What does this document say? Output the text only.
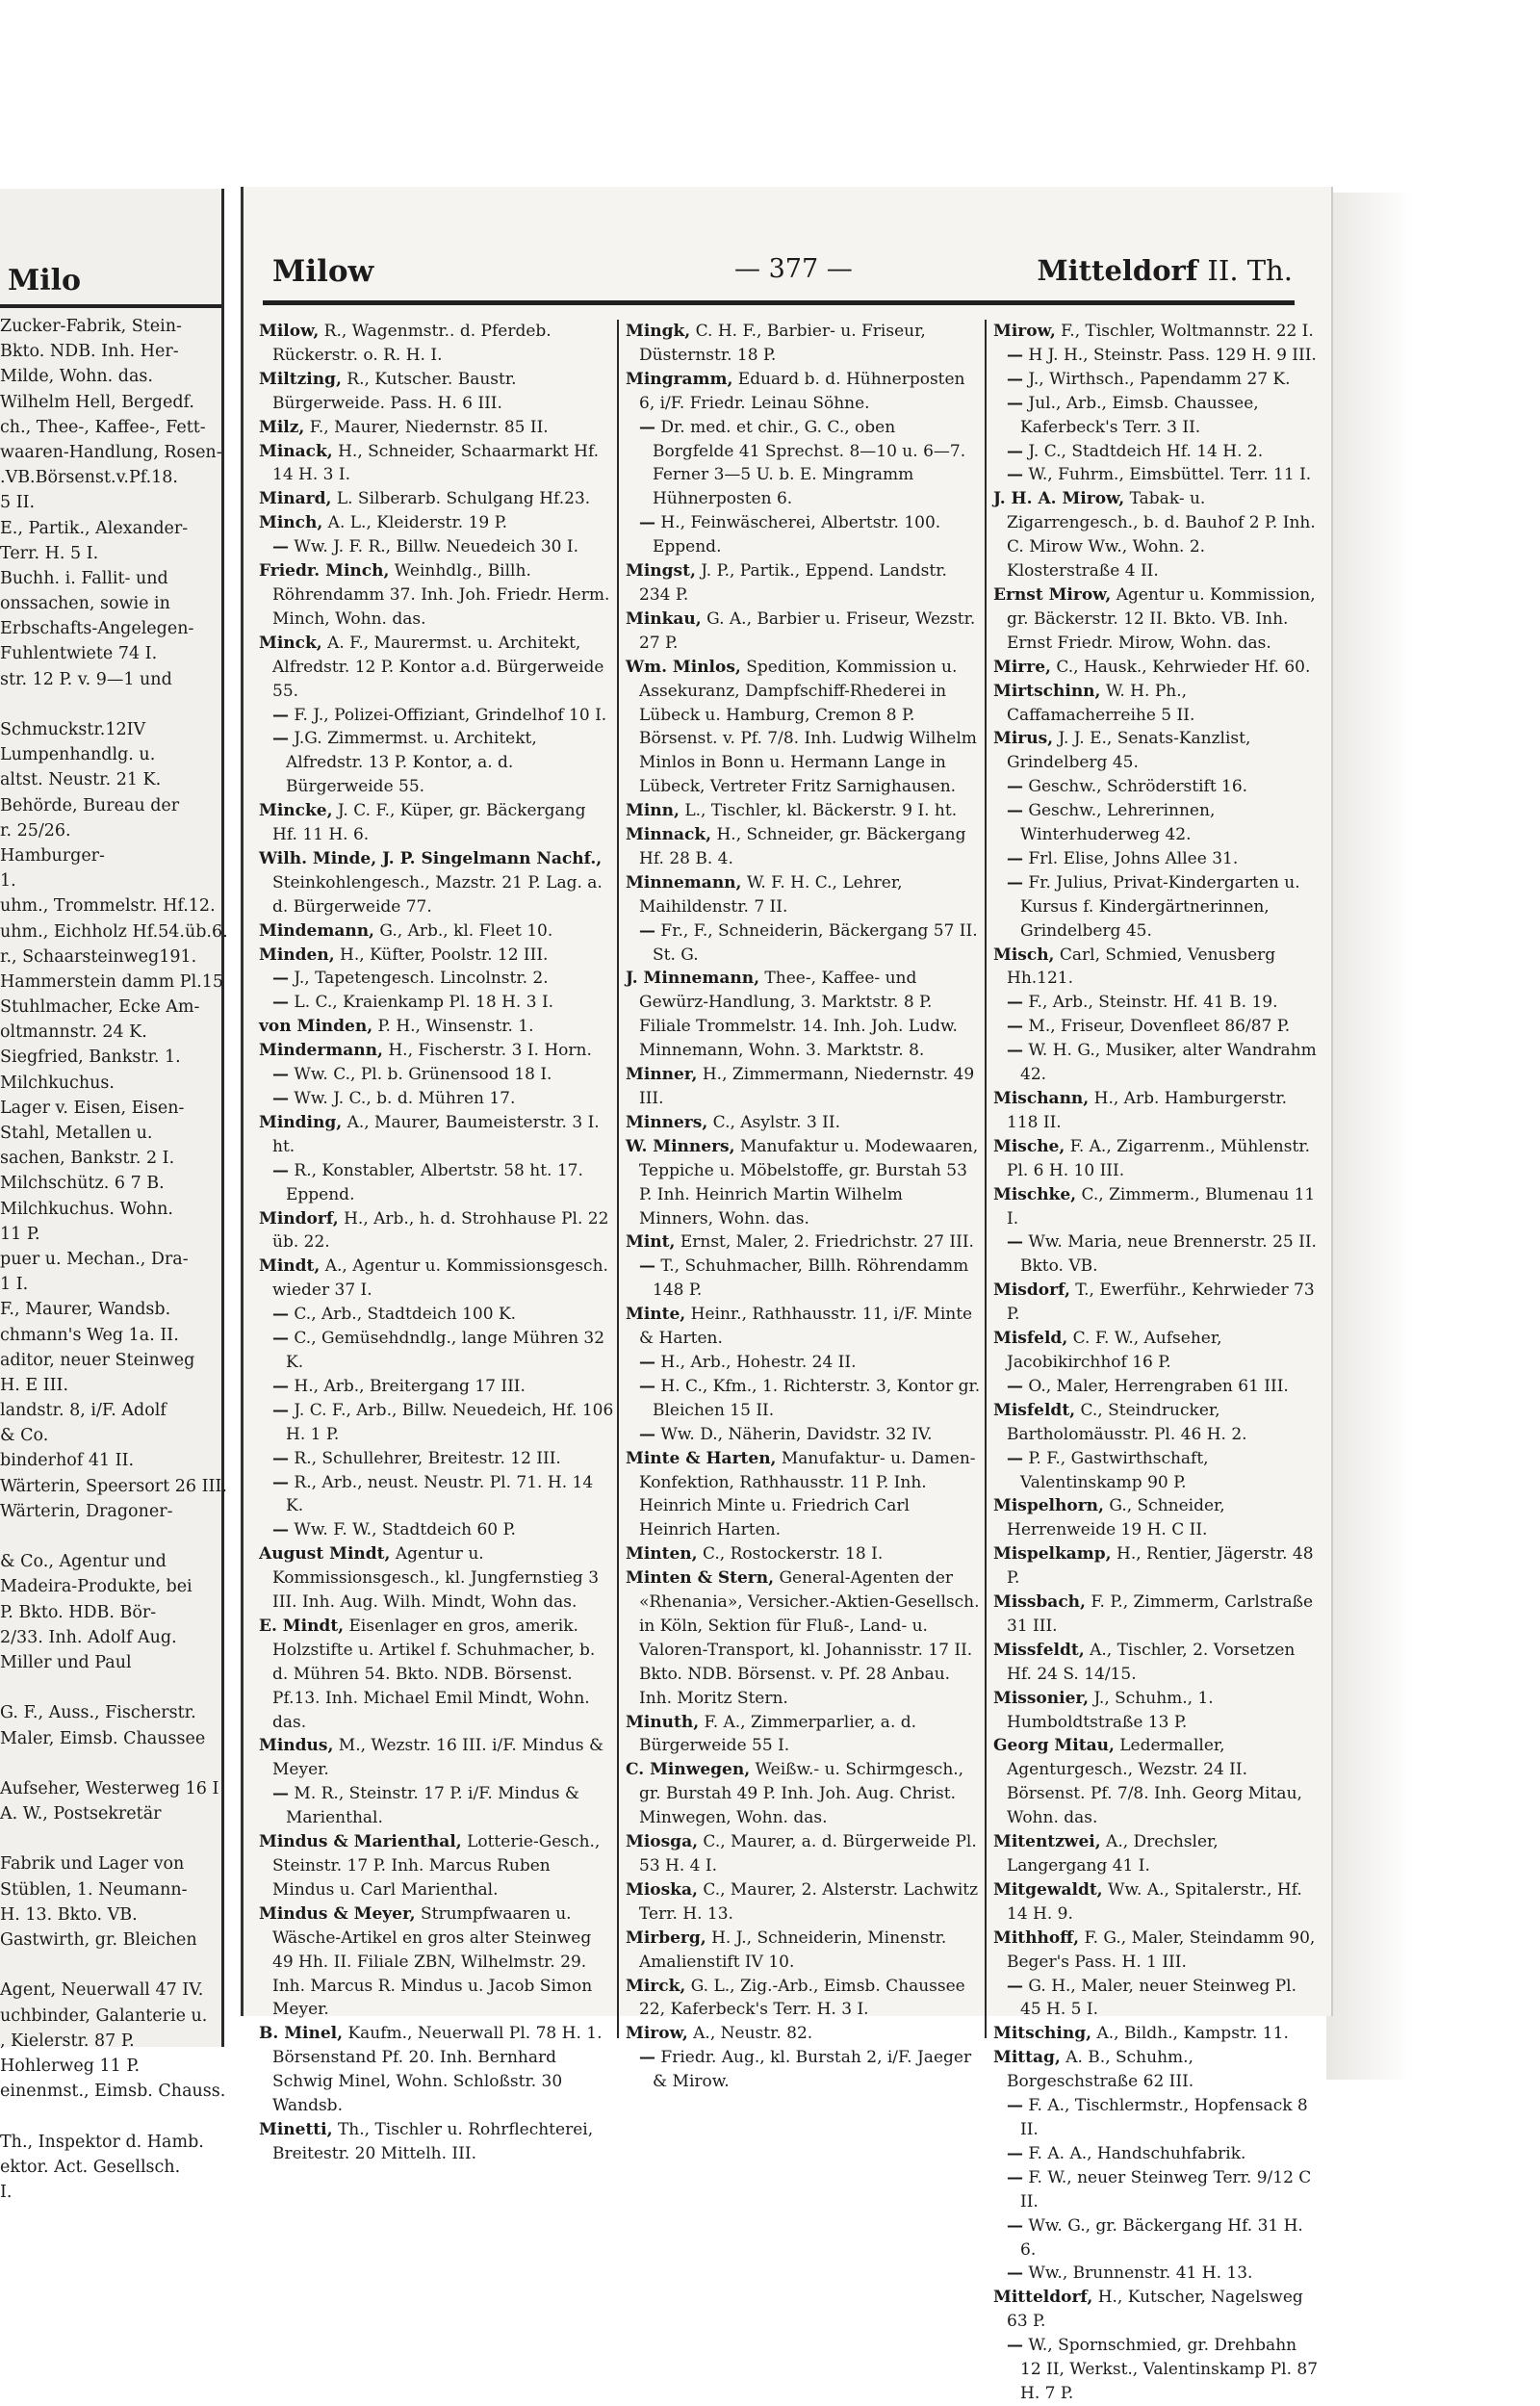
Milo
Zucker-Fabrik, Stein-
Bkto. NDB. Inh. Her-
Milde, Wohn. das.
Wilhelm Hell, Bergedf.
ch., Thee-, Kaffee-, Fett-
waaren-Handlung, Rosen-
.VB.Börsenst.v.Pf.18.
5 II.
E., Partik., Alexander-
Terr. H. 5 I.
Buchh. i. Fallit- und
onssachen, sowie in
Erbschafts-Angelegen-
Fuhlentwiete 74 I.
str. 12 P. v. 9—1 und
Schmuckstr.12IV
Lumpenhandlg. u.
altst. Neustr. 21 K.
Behörde, Bureau der
r. 25/26.
Hamburger-
1.
uhm., Trommelstr. Hf.12.
uhm., Eichholz Hf.54.üb.6.
r., Schaarsteinweg191.
Hammerstein damm Pl.15
Stuhlmacher, Ecke Am-
oltmannstr. 24 K.
Siegfried, Bankstr. 1.
Milchkuchus.
Lager v. Eisen, Eisen-
Stahl, Metallen u.
sachen, Bankstr. 2 I.
Milchschütz. 6 7 B.
Milchkuchus. Wohn.
11 P.
puer u. Mechan., Dra-
1 I.
F., Maurer, Wandsb.
chmann's Weg 1a. II.
aditor, neuer Steinweg
H. E III.
landstr. 8, i/F. Adolf
& Co.
binderhof 41 II.
Wärterin, Speersort 26 III.
Wärterin, Dragoner-
& Co., Agentur und
Madeira-Produkte, bei
P. Bkto. HDB. Bör-
2/33. Inh. Adolf Aug.
Miller und Paul
G. F., Auss., Fischerstr.
Maler, Eimsb. Chaussee
Aufseher, Westerweg 16 I
A. W., Postsekretär
Fabrik und Lager von
Stüblen, 1. Neumann-
H. 13. Bkto. VB.
Gastwirth, gr. Bleichen
Agent, Neuerwall 47 IV.
uchbinder, Galanterie u.
, Kielerstr. 87 P.
Hohlerweg 11 P.
einenmst., Eimsb. Chauss.
Th., Inspektor d. Hamb.
ektor. Act. Gesellsch.
I.
Milow	— 377 —	Mitteldorf II. Th.

Milow, R., Wagenmstr.. d. Pferdeb. Rückerstr. o. R. H. I.

Miltzing, R., Kutscher. Baustr. Bürgerweide. Pass. H. 6 III.

Milz, F., Maurer, Niedernstr. 85 II.

Minack, H., Schneider, Schaarmarkt Hf. 14 H. 3 I.

Minard, L. Silberarb. Schulgang Hf.23.

Minch, A. L., Kleiderstr. 19 P.

— Ww. J. F. R., Billw. Neuedeich 30 I.

Friedr. Minch, Weinhdlg., Billh. Röhrendamm 37. Inh. Joh. Friedr. Herm. Minch, Wohn. das.

Minck, A. F., Maurermst. u. Architekt, Alfredstr. 12 P. Kontor a.d. Bürgerweide 55.

— F. J., Polizei-Offiziant, Grindelhof 10 I.

— J.G. Zimmermst. u. Architekt, Alfredstr. 13 P. Kontor, a. d. Bürgerweide 55.

Mincke, J. C. F., Küper, gr. Bäckergang Hf. 11 H. 6.

Wilh. Minde, J. P. Singelmann Nachf., Steinkohlengesch., Mazstr. 21 P. Lag. a. d. Bürgerweide 77.

Mindemann, G., Arb., kl. Fleet 10.

Minden, H., Küfter, Poolstr. 12 III.

— J., Tapetengesch. Lincolnstr. 2.

— L. C., Kraienkamp Pl. 18 H. 3 I.

von Minden, P. H., Winsenstr. 1.

Mindermann, H., Fischerstr. 3 I. Horn.

— Ww. C., Pl. b. Grünensood 18 I.

— Ww. J. C., b. d. Mühren 17.

Minding, A., Maurer, Baumeisterstr. 3 I. ht.

— R., Konstabler, Albertstr. 58 ht. 17. Eppend.

Mindorf, H., Arb., h. d. Strohhause Pl. 22 üb. 22.

Mindt, A., Agentur u. Kommissionsgesch. wieder 37 I.

— C., Arb., Stadtdeich 100 K.

— C., Gemüsehdndlg., lange Mühren 32 K.

— H., Arb., Breitergang 17 III.

— J. C. F., Arb., Billw. Neuedeich, Hf. 106 H. 1 P.

— R., Schullehrer, Breitestr. 12 III.

— R., Arb., neust. Neustr. Pl. 71. H. 14 K.

— Ww. F. W., Stadtdeich 60 P.

August Mindt, Agentur u. Kommissionsgesch., kl. Jungfernstieg 3 III. Inh. Aug. Wilh. Mindt, Wohn das.

E. Mindt, Eisenlager en gros, amerik. Holzstifte u. Artikel f. Schuhmacher, b. d. Mühren 54. Bkto. NDB. Börsenst. Pf.13. Inh. Michael Emil Mindt, Wohn. das.

Mindus, M., Wezstr. 16 III. i/F. Mindus & Meyer.

— M. R., Steinstr. 17 P. i/F. Mindus & Marienthal.

Mindus & Marienthal, Lotterie-Gesch., Steinstr. 17 P. Inh. Marcus Ruben Mindus u. Carl Marienthal.

Mindus & Meyer, Strumpfwaaren u. Wäsche-Artikel en gros alter Steinweg 49 Hh. II. Filiale ZBN, Wilhelmstr. 29. Inh. Marcus R. Mindus u. Jacob Simon Meyer.

B. Minel, Kaufm., Neuerwall Pl. 78 H. 1. Börsenstand Pf. 20. Inh. Bernhard Schwig Minel, Wohn. Schloßstr. 30 Wandsb.

Minetti, Th., Tischler u. Rohrflechterei, Breitestr. 20 Mittelh. III.

Mingk, C. H. F., Barbier- u. Friseur, Düsternstr. 18 P.

Mingramm, Eduard b. d. Hühnerposten 6, i/F. Friedr. Leinau Söhne.

— Dr. med. et chir., G. C., oben Borgfelde 41 Sprechst. 8—10 u. 6—7. Ferner 3—5 U. b. E. Mingramm Hühnerposten 6.

— H., Feinwäscherei, Albertstr. 100. Eppend.

Mingst, J. P., Partik., Eppend. Landstr. 234 P.

Minkau, G. A., Barbier u. Friseur, Wezstr. 27 P.

Wm. Minlos, Spedition, Kommission u. Assekuranz, Dampfschiff-Rhederei in Lübeck u. Hamburg, Cremon 8 P. Börsenst. v. Pf. 7/8. Inh. Ludwig Wilhelm Minlos in Bonn u. Hermann Lange in Lübeck, Vertreter Fritz Sarnighausen.

Minn, L., Tischler, kl. Bäckerstr. 9 I. ht.

Minnack, H., Schneider, gr. Bäckergang Hf. 28 B. 4.

Minnemann, W. F. H. C., Lehrer, Maihildenstr. 7 II.

— Fr., F., Schneiderin, Bäckergang 57 II. St. G.

J. Minnemann, Thee-, Kaffee- und Gewürz-Handlung, 3. Marktstr. 8 P. Filiale Trommelstr. 14. Inh. Joh. Ludw. Minnemann, Wohn. 3. Marktstr. 8.

Minner, H., Zimmermann, Niedernstr. 49 III.

Minners, C., Asylstr. 3 II.

W. Minners, Manufaktur u. Modewaaren, Teppiche u. Möbelstoffe, gr. Burstah 53 P. Inh. Heinrich Martin Wilhelm Minners, Wohn. das.

Mint, Ernst, Maler, 2. Friedrichstr. 27 III.

— T., Schuhmacher, Billh. Röhrendamm 148 P.

Minte, Heinr., Rathhausstr. 11, i/F. Minte & Harten.

— H., Arb., Hohestr. 24 II.

— H. C., Kfm., 1. Richterstr. 3, Kontor gr. Bleichen 15 II.

— Ww. D., Näherin, Davidstr. 32 IV.

Minte & Harten, Manufaktur- u. Damen-Konfektion, Rathhausstr. 11 P. Inh. Heinrich Minte u. Friedrich Carl Heinrich Harten.

Minten, C., Rostockerstr. 18 I.

Minten & Stern, General-Agenten der «Rhenania», Versicher.-Aktien-Gesellsch. in Köln, Sektion für Fluß-, Land- u. Valoren-Transport, kl. Johannisstr. 17 II. Bkto. NDB. Börsenst. v. Pf. 28 Anbau. Inh. Moritz Stern.

Minuth, F. A., Zimmerparlier, a. d. Bürgerweide 55 I.

C. Minwegen, Weißw.- u. Schirmgesch., gr. Burstah 49 P. Inh. Joh. Aug. Christ. Minwegen, Wohn. das.

Miosga, C., Maurer, a. d. Bürgerweide Pl. 53 H. 4 I.

Mioska, C., Maurer, 2. Alsterstr. Lachwitz Terr. H. 13.

Mirberg, H. J., Schneiderin, Minenstr. Amalienstift IV 10.

Mirck, G. L., Zig.-Arb., Eimsb. Chaussee 22, Kaferbeck's Terr. H. 3 I.

Mirow, A., Neustr. 82.

— Friedr. Aug., kl. Burstah 2, i/F. Jaeger & Mirow.

Mirow, F., Tischler, Woltmannstr. 22 I.

— H J. H., Steinstr. Pass. 129 H. 9 III.

— J., Wirthsch., Papendamm 27 K.

— Jul., Arb., Eimsb. Chaussee, Kaferbeck's Terr. 3 II.

— J. C., Stadtdeich Hf. 14 H. 2.

— W., Fuhrm., Eimsbüttel. Terr. 11 I.

J. H. A. Mirow, Tabak- u. Zigarrengesch., b. d. Bauhof 2 P. Inh. C. Mirow Ww., Wohn. 2. Klosterstraße 4 II.

Ernst Mirow, Agentur u. Kommission, gr. Bäckerstr. 12 II. Bkto. VB. Inh. Ernst Friedr. Mirow, Wohn. das.

Mirre, C., Hausk., Kehrwieder Hf. 60.

Mirtschinn, W. H. Ph., Caffamacherreihe 5 II.

Mirus, J. J. E., Senats-Kanzlist, Grindelberg 45.

— Geschw., Schröderstift 16.

— Geschw., Lehrerinnen, Winterhuderweg 42.

— Frl. Elise, Johns Allee 31.

— Fr. Julius, Privat-Kindergarten u. Kursus f. Kindergärtnerinnen, Grindelberg 45.

Misch, Carl, Schmied, Venusberg Hh.121.

— F., Arb., Steinstr. Hf. 41 B. 19.

— M., Friseur, Dovenfleet 86/87 P.

— W. H. G., Musiker, alter Wandrahm 42.

Mischann, H., Arb. Hamburgerstr. 118 II.

Mische, F. A., Zigarrenm., Mühlenstr. Pl. 6 H. 10 III.

Mischke, C., Zimmerm., Blumenau 11 I.

— Ww. Maria, neue Brennerstr. 25 II. Bkto. VB.

Misdorf, T., Ewerführ., Kehrwieder 73 P.

Misfeld, C. F. W., Aufseher, Jacobikirchhof 16 P.

— O., Maler, Herrengraben 61 III.

Misfeldt, C., Steindrucker, Bartholomäusstr. Pl. 46 H. 2.

— P. F., Gastwirthschaft, Valentinskamp 90 P.

Mispelhorn, G., Schneider, Herrenweide 19 H. C II.

Mispelkamp, H., Rentier, Jägerstr. 48 P.

Missbach, F. P., Zimmerm, Carlstraße 31 III.

Missfeldt, A., Tischler, 2. Vorsetzen Hf. 24 S. 14/15.

Missonier, J., Schuhm., 1. Humboldtstraße 13 P.

Georg Mitau, Ledermaller, Agenturgesch., Wezstr. 24 II. Börsenst. Pf. 7/8. Inh. Georg Mitau, Wohn. das.

Mitentzwei, A., Drechsler, Langergang 41 I.

Mitgewaldt, Ww. A., Spitalerstr., Hf. 14 H. 9.

Mithhoff, F. G., Maler, Steindamm 90, Beger's Pass. H. 1 III.

— G. H., Maler, neuer Steinweg Pl. 45 H. 5 I.

Mitsching, A., Bildh., Kampstr. 11.

Mittag, A. B., Schuhm., Borgeschstraße 62 III.

— F. A., Tischlermstr., Hopfensack 8 II.

— F. A. A., Handschuhfabrik.

— F. W., neuer Steinweg Terr. 9/12 C II.

— Ww. G., gr. Bäckergang Hf. 31 H. 6.

— Ww., Brunnenstr. 41 H. 13.

Mitteldorf, H., Kutscher, Nagelsweg 63 P.

— W., Spornschmied, gr. Drehbahn 12 II, Werkst., Valentinskamp Pl. 87 H. 7 P.
